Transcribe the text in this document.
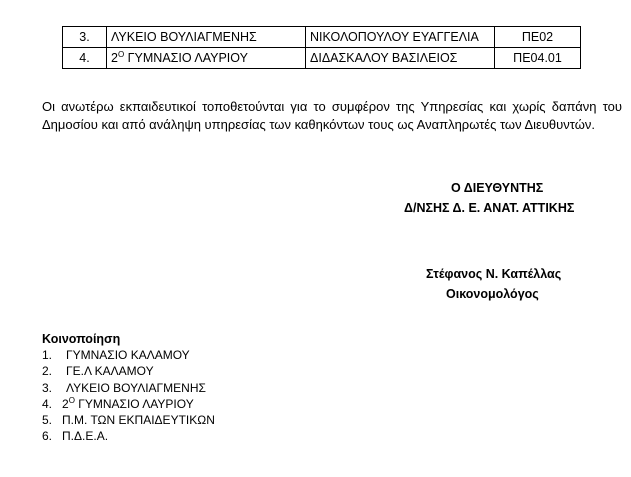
3.	ΛΥΚΕΙΟ ΒΟΥΛΙΑΓΜΕΝΗΣ	ΝΙΚΟΛΟΠΟΥΛΟΥ ΕΥΑΓΓΕΛΙΑ	ΠΕ02
4.	$2^O$ ΓΥΜΝΑΣΙΟ ΛΑΥΡΙΟΥ	ΔΙΔΑΣΚΑΛΟΥ ΒΑΣΙΛΕΙΟΣ	ΠΕ04.01

Οι ανωτέρω εκπαιδευτικοί τοποθετούνται για το συμφέρον της Υπηρεσίας και χωρίς δαπάνη του Δημοσίου και από ανάληψη υπηρεσίας των καθηκόντων τους ως Αναπληρωτές των Διευθυντών.

Ο ΔΙΕΥΘΥΝΤΗΣ
Δ/ΝΣΗΣ Δ. Ε. ΑΝΑΤ. ΑΤΤΙΚΗΣ
Στέφανος Ν. Καπέλλας
Οικονομολόγος
Κοινοποίηση
1. ΓΥΜΝΑΣΙΟ ΚΑΛΑΜΟΥ
2. ΓΕ.Λ ΚΑΛΑΜΟΥ
3. ΛΥΚΕΙΟ ΒΟΥΛΙΑΓΜΕΝΗΣ
4. $2^O$ ΓΥΜΝΑΣΙΟ ΛΑΥΡΙΟΥ
5. Π.Μ. ΤΩΝ ΕΚΠΑΙΔΕΥΤΙΚΩΝ
6. Π.Δ.Ε.Α.
